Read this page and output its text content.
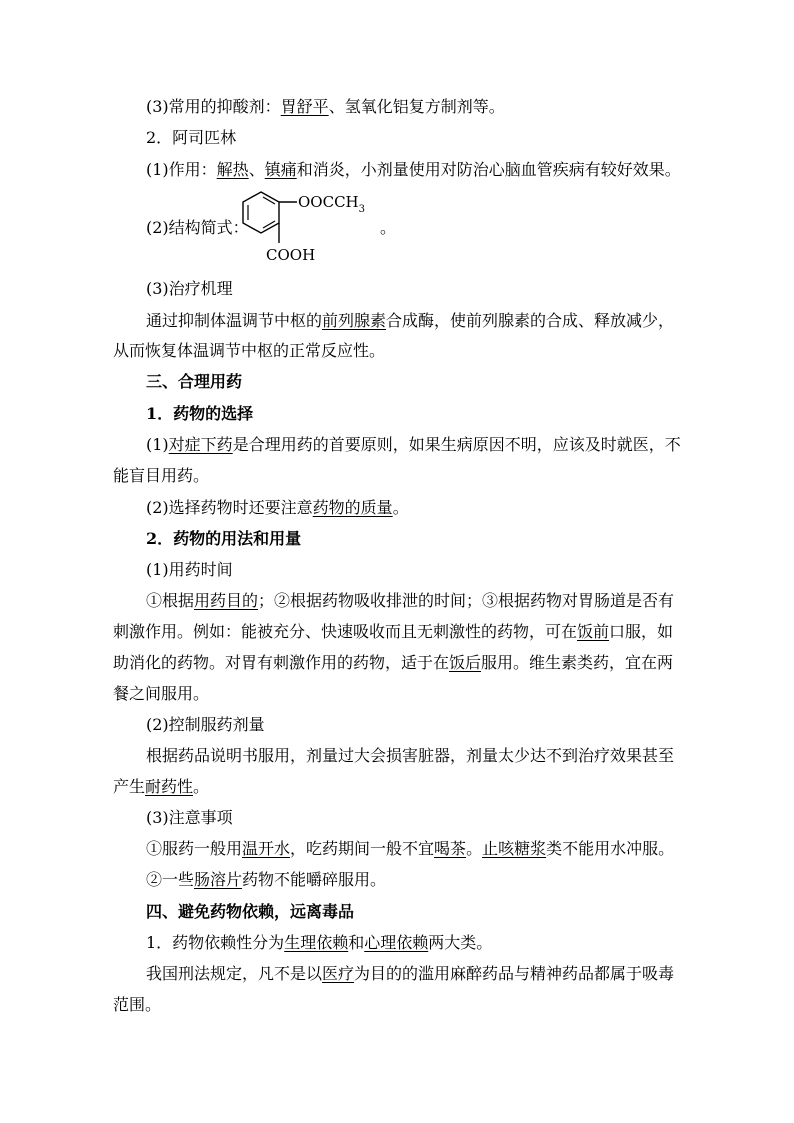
(3)常用的抑酸剂：胃舒平、氢氧化铝复方制剂等。
2．阿司匹林
(1)作用：解热、镇痛和消炎，小剂量使用对防治心脑血管疾病有较好效果。
(3)治疗机理
通过抑制体温调节中枢的前列腺素合成酶，使前列腺素的合成、释放减少，
从而恢复体温调节中枢的正常反应性。
三、合理用药
1．药物的选择
(1)对症下药是合理用药的首要原则，如果生病原因不明，应该及时就医，不
能盲目用药。
(2)选择药物时还要注意药物的质量。
2．药物的用法和用量
(1)用药时间
①根据用药目的；②根据药物吸收排泄的时间；③根据药物对胃肠道是否有
刺激作用。例如：能被充分、快速吸收而且无刺激性的药物，可在饭前口服，如
助消化的药物。对胃有刺激作用的药物，适于在饭后服用。维生素类药，宜在两
餐之间服用。
(2)控制服药剂量
根据药品说明书服用，剂量过大会损害脏器，剂量太少达不到治疗效果甚至
产生耐药性。
(3)注意事项
①服药一般用温开水，吃药期间一般不宜喝茶。止咳糖浆类不能用水冲服。
②一些肠溶片药物不能嚼碎服用。
四、避免药物依赖，远离毒品
1．药物依赖性分为生理依赖和心理依赖两大类。
我国刑法规定，凡不是以医疗为目的的滥用麻醉药品与精神药品都属于吸毒
范围。
(2)结构简式：
$OOCCH_3$
COOH
。
